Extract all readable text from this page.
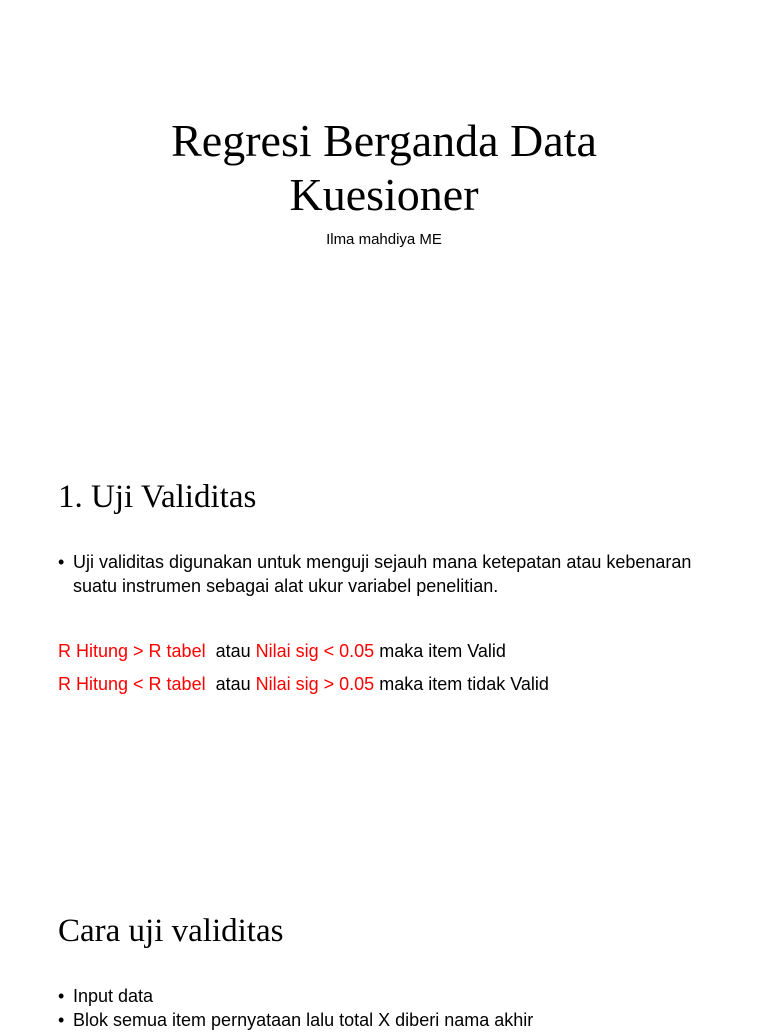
Regresi Berganda Data
Kuesioner
Ilma mahdiya ME
1. Uji Validitas
• Uji validitas digunakan untuk menguji sejauh mana ketepatan atau kebenaran suatu instrumen sebagai alat ukur variabel penelitian.
R Hitung > R tabel  atau Nilai sig < 0.05 maka item Valid
R Hitung < R tabel  atau Nilai sig > 0.05 maka item tidak Valid
Cara uji validitas
• Input data
• Blok semua item pernyataan lalu total X diberi nama akhir
